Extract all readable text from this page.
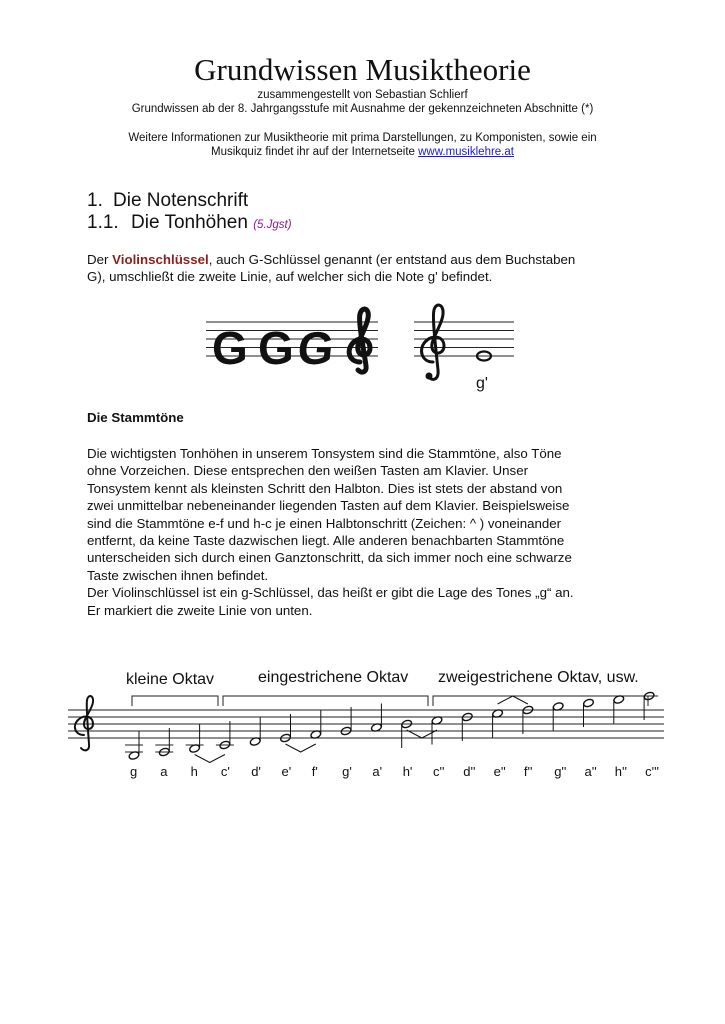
Grundwissen Musiktheorie
zusammengestellt von Sebastian Schlierf
Grundwissen ab der 8. Jahrgangsstufe mit Ausnahme der gekennzeichneten Abschnitte (*)
Weitere Informationen zur Musiktheorie mit prima Darstellungen, zu Komponisten, sowie ein
Musikquiz findet ihr auf der Internetseite www.musiklehre.at
1. Die Notenschrift
1.1. Die Tonhöhen (5.Jgst)
Der Violinschlüssel, auch G-Schlüssel genannt (er entstand aus dem Buchstaben
G), umschließt die zweite Linie, auf welcher sich die Note g' befindet.
G G G
g'
Die Stammtöne
Die wichtigsten Tonhöhen in unserem Tonsystem sind die Stammtöne, also Töne
ohne Vorzeichen. Diese entsprechen den weißen Tasten am Klavier. Unser
Tonsystem kennt als kleinsten Schritt den Halbton. Dies ist stets der abstand von
zwei unmittelbar nebeneinander liegenden Tasten auf dem Klavier. Beispielsweise
sind die Stammtöne e-f und h-c je einen Halbtonschritt (Zeichen: ^ ) voneinander
entfernt, da keine Taste dazwischen liegt. Alle anderen benachbarten Stammtöne
unterscheiden sich durch einen Ganztonschritt, da sich immer noch eine schwarze
Taste zwischen ihnen befindet.
Der Violinschlüssel ist ein g-Schlüssel, das heißt er gibt die Lage des Tones „g“ an.
Er markiert die zweite Linie von unten.
kleine Oktav	eingestrichene Oktav zweigestrichene Oktav, usw.
g a h c' d' e' f' g' a' h' c'' d'' e'' f'' g'' a'' h'' c'''
